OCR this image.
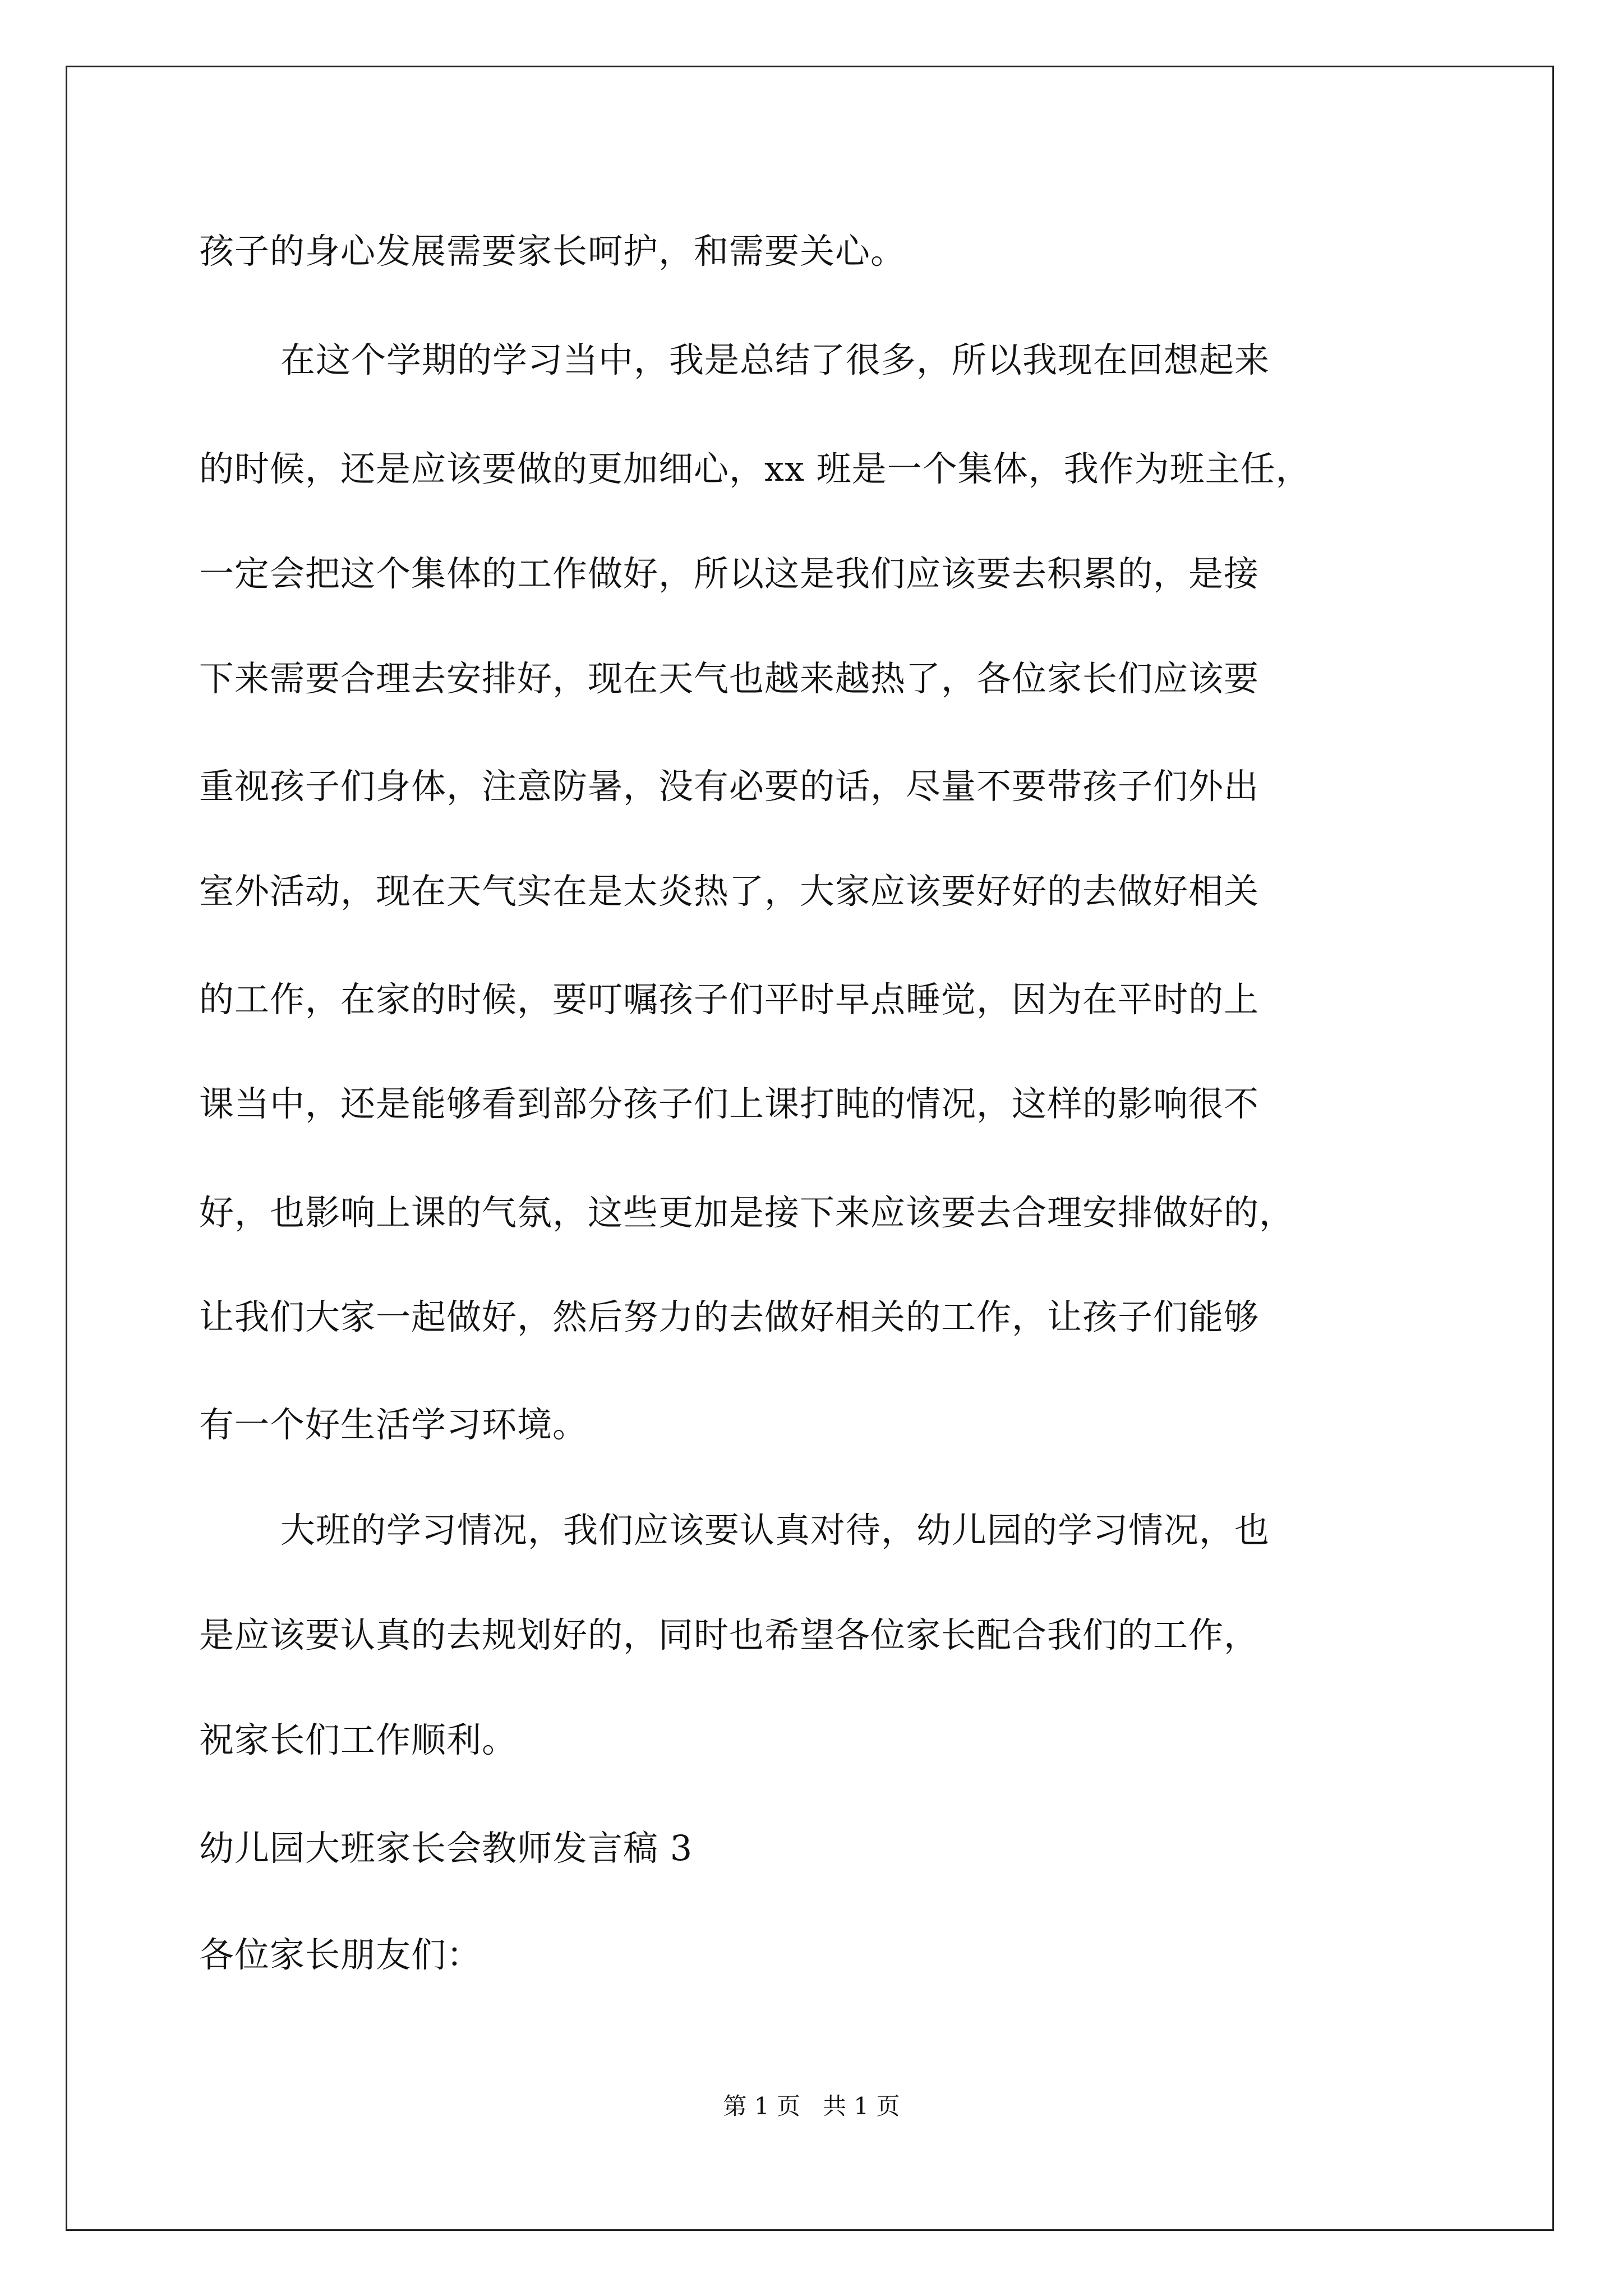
孩子的身心发展需要家长呵护，和需要关心。
在这个学期的学习当中，我是总结了很多，所以我现在回想起来
的时候，还是应该要做的更加细心，xx 班是一个集体，我作为班主任，
一定会把这个集体的工作做好，所以这是我们应该要去积累的，是接
下来需要合理去安排好，现在天气也越来越热了，各位家长们应该要
重视孩子们身体，注意防暑，没有必要的话，尽量不要带孩子们外出
室外活动，现在天气实在是太炎热了，大家应该要好好的去做好相关
的工作，在家的时候，要叮嘱孩子们平时早点睡觉，因为在平时的上
课当中，还是能够看到部分孩子们上课打盹的情况，这样的影响很不
好，也影响上课的气氛，这些更加是接下来应该要去合理安排做好的，
让我们大家一起做好，然后努力的去做好相关的工作，让孩子们能够
有一个好生活学习环境。
大班的学习情况，我们应该要认真对待，幼儿园的学习情况，也
是应该要认真的去规划好的，同时也希望各位家长配合我们的工作，
祝家长们工作顺利。
幼儿园大班家长会教师发言稿 3
各位家长朋友们：
第 1 页   共 1 页
